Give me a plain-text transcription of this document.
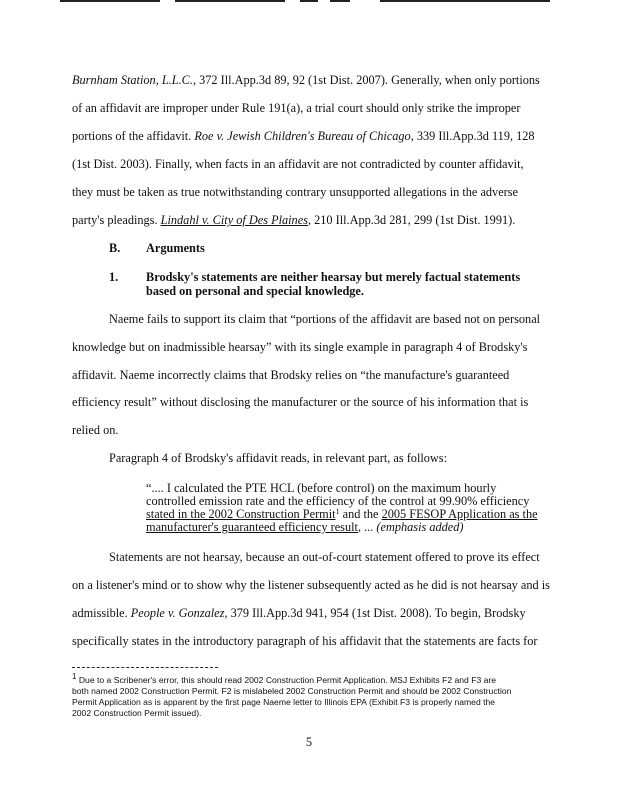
Burnham Station, L.L.C., 372 Ill.App.3d 89, 92 (1st Dist. 2007). Generally, when only portions
of an affidavit are improper under Rule 191(a), a trial court should only strike the improper
portions of the affidavit. Roe v. Jewish Children's Bureau of Chicago, 339 Ill.App.3d 119, 128
(1st Dist. 2003). Finally, when facts in an affidavit are not contradicted by counter affidavit,
they must be taken as true notwithstanding contrary unsupported allegations in the adverse
party's pleadings. Lindahl v. City of Des Plaines, 210 Ill.App.3d 281, 299 (1st Dist. 1991).
B. Arguments
1. Brodsky's statements are neither hearsay but merely factual statements
based on personal and special knowledge.
Naeme fails to support its claim that “portions of the affidavit are based not on personal
knowledge but on inadmissible hearsay” with its single example in paragraph 4 of Brodsky's
affidavit. Naeme incorrectly claims that Brodsky relies on “the manufacture's guaranteed
efficiency result” without disclosing the manufacturer or the source of his information that is
relied on.
Paragraph 4 of Brodsky's affidavit reads, in relevant part, as follows:
“.... I calculated the PTE HCL (before control) on the maximum hourly
controlled emission rate and the efficiency of the control at 99.90% efficiency
stated in the 2002 Construction Permit$^1$ and the 2005 FESOP Application as the
manufacturer's guaranteed efficiency result, ... (emphasis added)
Statements are not hearsay, because an out-of-court statement offered to prove its effect
on a listener's mind or to show why the listener subsequently acted as he did is not hearsay and is
admissible. People v. Gonzalez, 379 Ill.App.3d 941, 954 (1st Dist. 2008). To begin, Brodsky
specifically states in the introductory paragraph of his affidavit that the statements are facts for
$^1$ Due to a Scribener's error, this should read 2002 Construction Permit Application. MSJ Exhibits F2 and F3 are
both named 2002 Construction Permit. F2 is mislabeled 2002 Construction Permit and should be 2002 Construction
Permit Application as is apparent by the first page Naeme letter to Illinois EPA (Exhibit F3 is properly named the
2002 Construction Permit issued).
5
